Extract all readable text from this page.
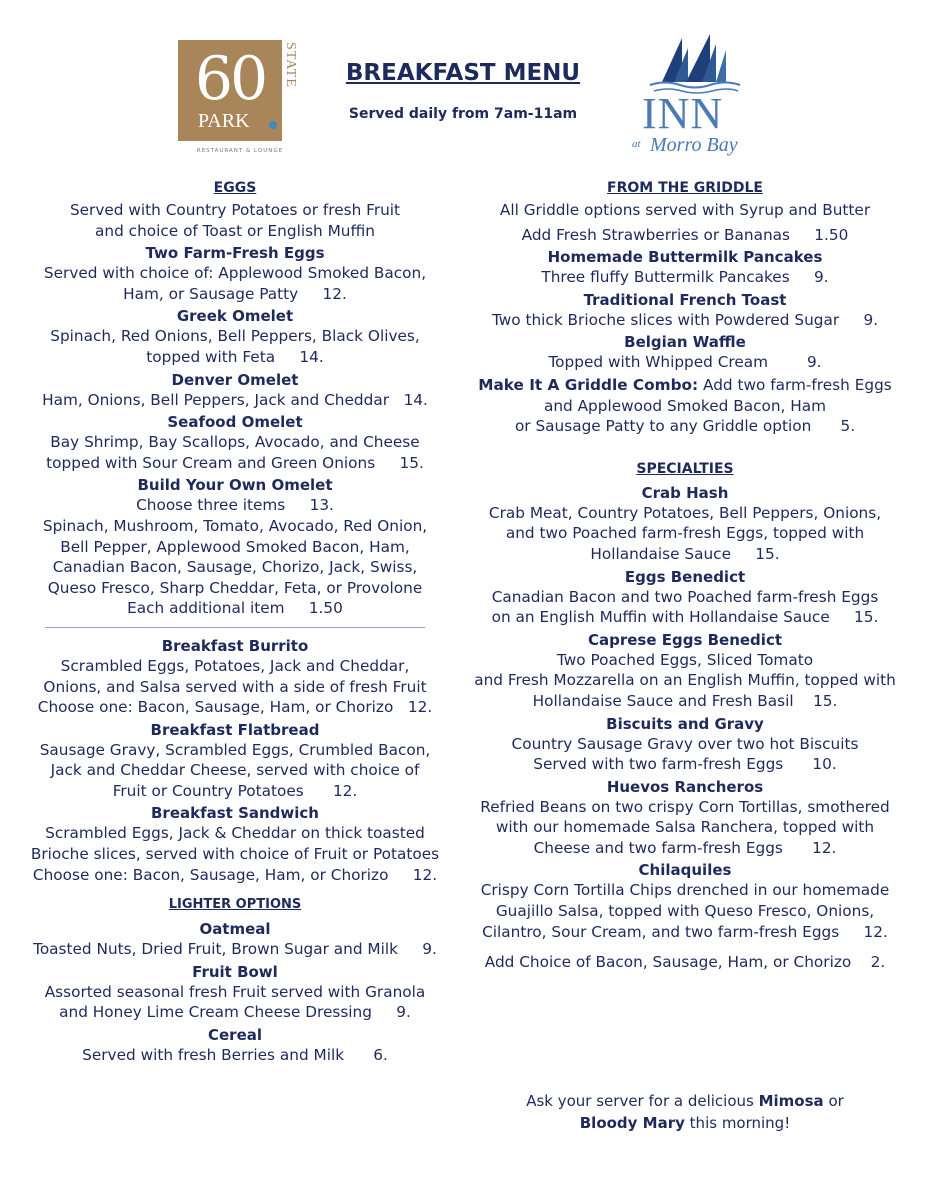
60
PARK
STATE
RESTAURANT & LOUNGE
BREAKFAST MENU
Served daily from 7am-11am	INN
at Morro Bay
EGGS
Served with Country Potatoes or fresh Fruit
and choice of Toast or English Muffin
Two Farm-Fresh Eggs
Served with choice of: Applewood Smoked Bacon,
Ham, or Sausage Patty     12.
Greek Omelet
Spinach, Red Onions, Bell Peppers, Black Olives,
topped with Feta     14.
Denver Omelet
Ham, Onions, Bell Peppers, Jack and Cheddar   14.
Seafood Omelet
Bay Shrimp, Bay Scallops, Avocado, and Cheese
topped with Sour Cream and Green Onions     15.
Build Your Own Omelet
Choose three items     13.
Spinach, Mushroom, Tomato, Avocado, Red Onion,
Bell Pepper, Applewood Smoked Bacon, Ham,
Canadian Bacon, Sausage, Chorizo, Jack, Swiss,
Queso Fresco, Sharp Cheddar, Feta, or Provolone
Each additional item     1.50
Breakfast Burrito
Scrambled Eggs, Potatoes, Jack and Cheddar,
Onions, and Salsa served with a side of fresh Fruit
Choose one: Bacon, Sausage, Ham, or Chorizo   12.
Breakfast Flatbread
Sausage Gravy, Scrambled Eggs, Crumbled Bacon,
Jack and Cheddar Cheese, served with choice of
Fruit or Country Potatoes      12.
Breakfast Sandwich
Scrambled Eggs, Jack & Cheddar on thick toasted
Brioche slices, served with choice of Fruit or Potatoes
Choose one: Bacon, Sausage, Ham, or Chorizo     12.
LIGHTER OPTIONS
Oatmeal
Toasted Nuts, Dried Fruit, Brown Sugar and Milk     9.
Fruit Bowl
Assorted seasonal fresh Fruit served with Granola
and Honey Lime Cream Cheese Dressing     9.
Cereal
Served with fresh Berries and Milk      6.
FROM THE GRIDDLE
All Griddle options served with Syrup and Butter
Add Fresh Strawberries or Bananas     1.50
Homemade Buttermilk Pancakes
Three fluffy Buttermilk Pancakes     9.
Traditional French Toast
Two thick Brioche slices with Powdered Sugar     9.
Belgian Waffle
Topped with Whipped Cream        9.
Make It A Griddle Combo: Add two farm-fresh Eggs
and Applewood Smoked Bacon, Ham
or Sausage Patty to any Griddle option      5.
SPECIALTIES
Crab Hash
Crab Meat, Country Potatoes, Bell Peppers, Onions,
and two Poached farm-fresh Eggs, topped with
Hollandaise Sauce     15.
Eggs Benedict
Canadian Bacon and two Poached farm-fresh Eggs
on an English Muffin with Hollandaise Sauce     15.
Caprese Eggs Benedict
Two Poached Eggs, Sliced Tomato
and Fresh Mozzarella on an English Muffin, topped with
Hollandaise Sauce and Fresh Basil    15.
Biscuits and Gravy
Country Sausage Gravy over two hot Biscuits
Served with two farm-fresh Eggs      10.
Huevos Rancheros
Refried Beans on two crispy Corn Tortillas, smothered
with our homemade Salsa Ranchera, topped with
Cheese and two farm-fresh Eggs      12.
Chilaquiles
Crispy Corn Tortilla Chips drenched in our homemade
Guajillo Salsa, topped with Queso Fresco, Onions,
Cilantro, Sour Cream, and two farm-fresh Eggs     12.
Add Choice of Bacon, Sausage, Ham, or Chorizo    2.
Ask your server for a delicious Mimosa or
Bloody Mary this morning!
